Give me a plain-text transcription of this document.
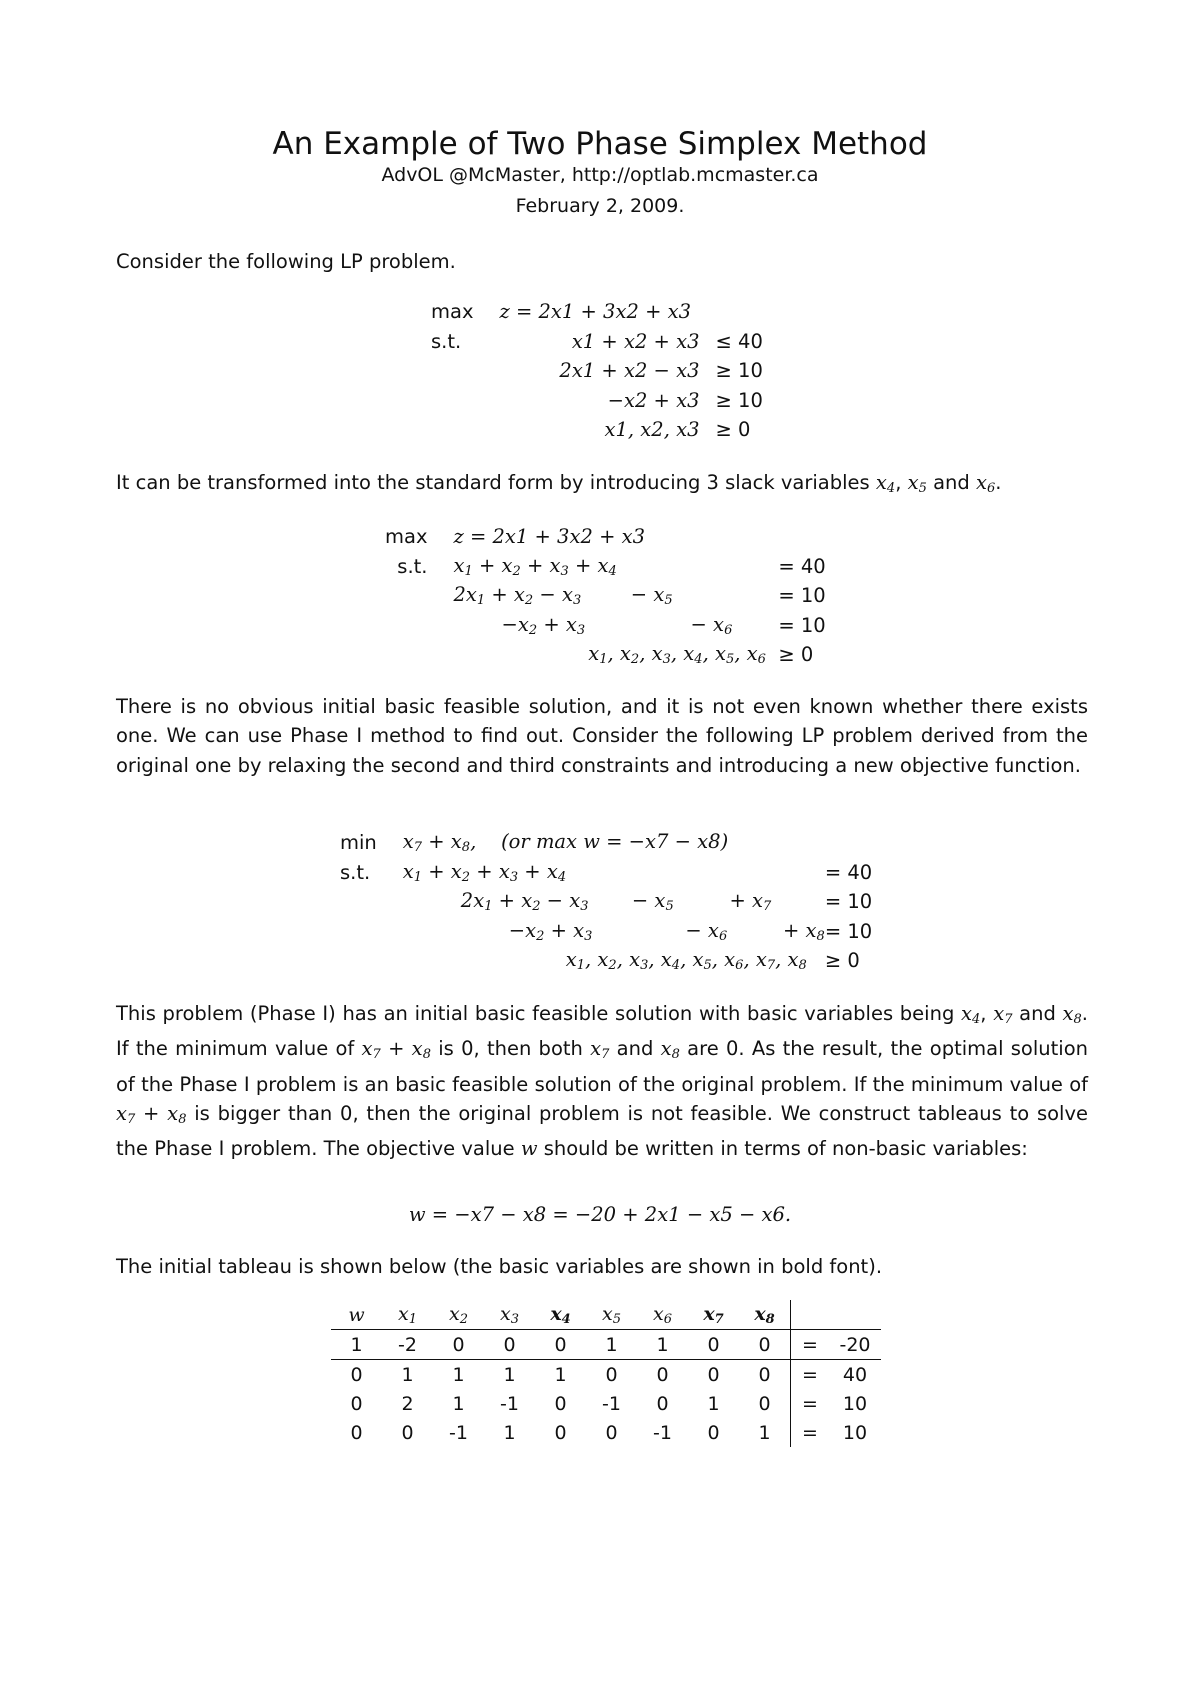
An Example of Two Phase Simplex Method
AdvOL @McMaster, http://optlab.mcmaster.ca
February 2, 2009.

Consider the following LP problem.

max	z = 2x1 + 3x2 + x3	
s.t.	x1 + x2 + x3	≤ 40
	2x1 + x2 − x3	≥ 10
	−x2 + x3	≥ 10
	x1, x2, x3	≥ 0

It can be transformed into the standard form by introducing 3 slack variables $x_4$, $x_5$ and $x_6$.

max	z = 2x1 + 3x2 + x3		
s.t.	$x_1 + x_2 + x_3 + x_4$		= 40
	$2x_1 + x_2 - x_3$        − $x_5$		= 10
	$-x_2 + x_3$                 − $x_6$		= 10
	$x_1$, $x_2$, $x_3$, $x_4$, $x_5$, $x_6$		≥ 0

There is no obvious initial basic feasible solution, and it is not even known whether there exists one. We can use Phase I method to find out. Consider the following LP problem derived from the original one by relaxing the second and third constraints and introducing a new objective function.

min	$x_7 + x_8$,    (or max w = −x7 − x8)	
s.t.	$x_1 + x_2 + x_3 + x_4$		= 40
	$2x_1 + x_2 - x_3$       − $x_5$         + $x_7$		= 10
	$-x_2 + x_3$               − $x_6$         + $x_8$		= 10
	$x_1$, $x_2$, $x_3$, $x_4$, $x_5$, $x_6$, $x_7$, $x_8$		≥ 0

This problem (Phase I) has an initial basic feasible solution with basic variables being $x_4$, $x_7$ and $x_8$. If the minimum value of $x_7 + x_8$ is 0, then both $x_7$ and $x_8$ are 0. As the result, the optimal solution of the Phase I problem is an basic feasible solution of the original problem. If the minimum value of $x_7 + x_8$ is bigger than 0, then the original problem is not feasible. We construct tableaus to solve the Phase I problem. The objective value w should be written in terms of non-basic variables:

w = −x7 − x8 = −20 + 2x1 − x5 − x6.

The initial tableau is shown below (the basic variables are shown in bold font).

w	$x_1$	$x_2$	$x_3$	$x_4$	$x_5$	$x_6$	$x_7$	$x_8$		
1	-2	0	0	0	1	1	0	0	=	-20
0	1	1	1	1	0	0	0	0	=	40
0	2	1	-1	0	-1	0	1	0	=	10
0	0	-1	1	0	0	-1	0	1	=	10
